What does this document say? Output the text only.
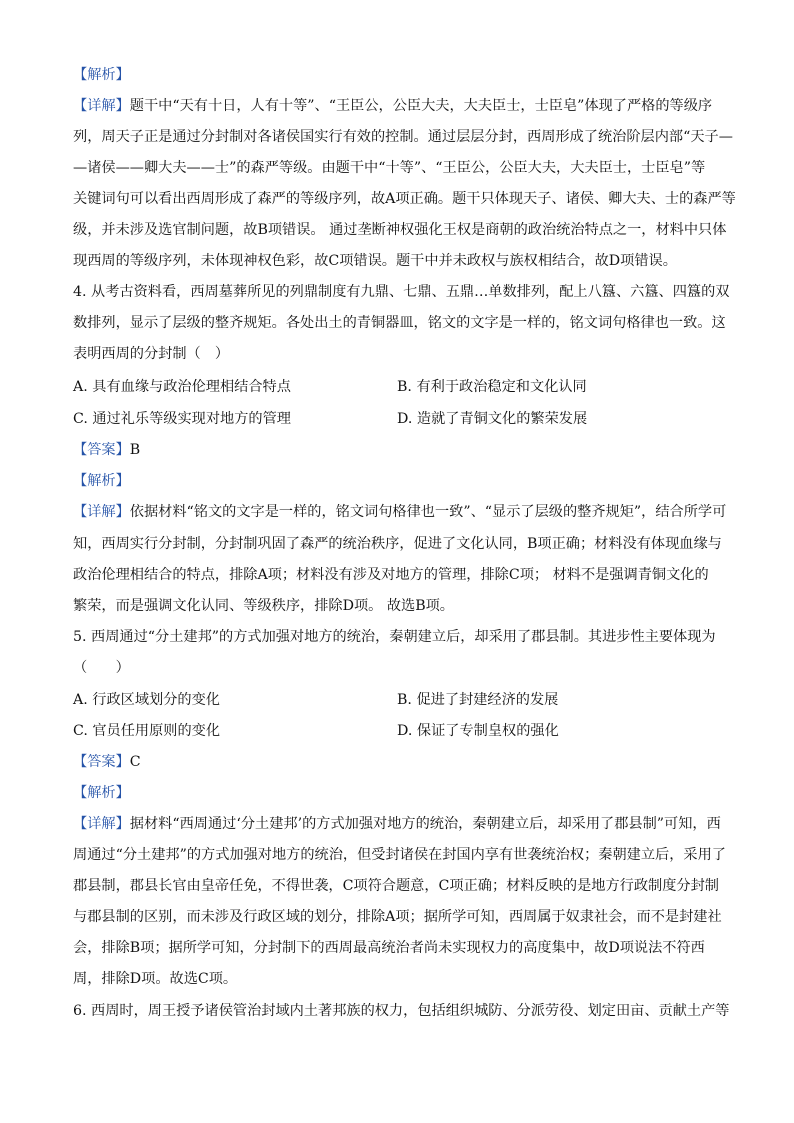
【解析】
【详解】题干中“天有十日，人有十等”、“王臣公，公臣大夫，大夫臣士，士臣皂”体现了严格的等级序
列，周天子正是通过分封制对各诸侯国实行有效的控制。通过层层分封，西周形成了统治阶层内部“天子—
—诸侯——卿大夫——士”的森严等级。由题干中“十等”、“王臣公，公臣大夫，大夫臣士，士臣皂”等
关键词句可以看出西周形成了森严的等级序列，故A项正确。题干只体现天子、诸侯、卿大夫、士的森严等
级，并未涉及选官制问题，故B项错误。 通过垄断神权强化王权是商朝的政治统治特点之一，材料中只体
现西周的等级序列，未体现神权色彩，故C项错误。题干中并未政权与族权相结合，故D项错误。
4. 从考古资料看，西周墓葬所见的列鼎制度有九鼎、七鼎、五鼎…单数排列，配上八簋、六簋、四簋的双
数排列，显示了层级的整齐规矩。各处出土的青铜器皿，铭文的文字是一样的，铭文词句格律也一致。这
表明西周的分封制（　）
A. 具有血缘与政治伦理相结合特点	B. 有利于政治稳定和文化认同
C. 通过礼乐等级实现对地方的管理	D. 造就了青铜文化的繁荣发展
【答案】B
【解析】
【详解】依据材料“铭文的文字是一样的，铭文词句格律也一致”、“显示了层级的整齐规矩”，结合所学可
知，西周实行分封制，分封制巩固了森严的统治秩序，促进了文化认同，B项正确；材料没有体现血缘与
政治伦理相结合的特点，排除A项；材料没有涉及对地方的管理，排除C项； 材料不是强调青铜文化的
繁荣，而是强调文化认同、等级秩序，排除D项。 故选B项。
5. 西周通过“分土建邦”的方式加强对地方的统治，秦朝建立后，却采用了郡县制。其进步性主要体现为
（　　）
A. 行政区域划分的变化	B. 促进了封建经济的发展
C. 官员任用原则的变化	D. 保证了专制皇权的强化
【答案】C
【解析】
【详解】据材料“西周通过‘分土建邦’的方式加强对地方的统治，秦朝建立后，却采用了郡县制”可知，西
周通过“分土建邦”的方式加强对地方的统治，但受封诸侯在封国内享有世袭统治权；秦朝建立后，采用了
郡县制，郡县长官由皇帝任免，不得世袭，C项符合题意，C项正确；材料反映的是地方行政制度分封制
与郡县制的区别，而未涉及行政区域的划分，排除A项；据所学可知，西周属于奴隶社会，而不是封建社
会，排除B项；据所学可知，分封制下的西周最高统治者尚未实现权力的高度集中，故D项说法不符西
周，排除D项。故选C项。
6. 西周时，周王授予诸侯管治封域内土著邦族的权力，包括组织城防、分派劳役、划定田亩、贡献土产等
